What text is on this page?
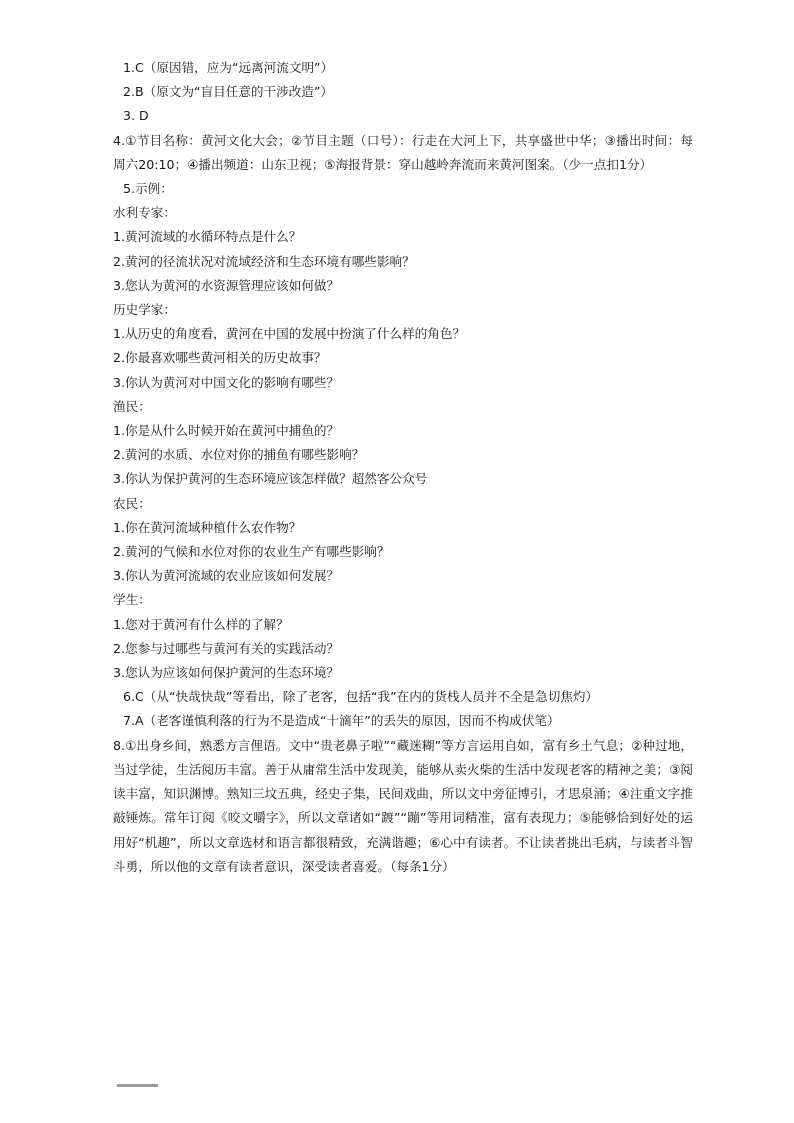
1.C（原因错，应为“远离河流文明”）

2.B（原文为“盲目任意的干涉改造”）

3. D

4.①节目名称：黄河文化大会；②节目主题（口号）：行走在大河上下，共享盛世中华；③播出时间：每周六20:10；④播出频道：山东卫视；⑤海报背景：穿山越岭奔流而来黄河图案。（少一点扣1分）

5.示例：

水利专家：

1.黄河流域的水循环特点是什么？

2.黄河的径流状况对流域经济和生态环境有哪些影响？

3.您认为黄河的水资源管理应该如何做？

历史学家：

1.从历史的角度看，黄河在中国的发展中扮演了什么样的角色？

2.你最喜欢哪些黄河相关的历史故事？

3.你认为黄河对中国文化的影响有哪些？

渔民：

1.你是从什么时候开始在黄河中捕鱼的？

2.黄河的水质、水位对你的捕鱼有哪些影响？

3.你认为保护黄河的生态环境应该怎样做？超然客公众号

农民：

1.你在黄河流域种植什么农作物？

2.黄河的气候和水位对你的农业生产有哪些影响？

3.你认为黄河流域的农业应该如何发展？

学生：

1.您对于黄河有什么样的了解？

2.您参与过哪些与黄河有关的实践活动？

3.您认为应该如何保护黄河的生态环境？

6.C（从“快哉快哉”等看出，除了老客，包括“我”在内的货栈人员并不全是急切焦灼）

7.A（老客谨慎利落的行为不是造成“十滴年”的丢失的原因，因而不构成伏笔）

8.①出身乡间，熟悉方言俚语。文中“贵老鼻子啦”“藏迷糊”等方言运用自如，富有乡土气息；②种过地，当过学徒，生活阅历丰富。善于从庸常生活中发现美，能够从卖火柴的生活中发现老客的精神之美；③阅读丰富，知识渊博。熟知三坟五典，经史子集，民间戏曲，所以文中旁征博引，才思泉涌；④注重文字推敲锤炼。常年订阅《咬文嚼字》，所以文章诸如“踱”“蹦”等用词精准，富有表现力；⑤能够恰到好处的运用好“机趣”，所以文章选材和语言都很精致，充满谐趣；⑥心中有读者。不让读者挑出毛病，与读者斗智斗勇，所以他的文章有读者意识，深受读者喜爱。（每条1分）
